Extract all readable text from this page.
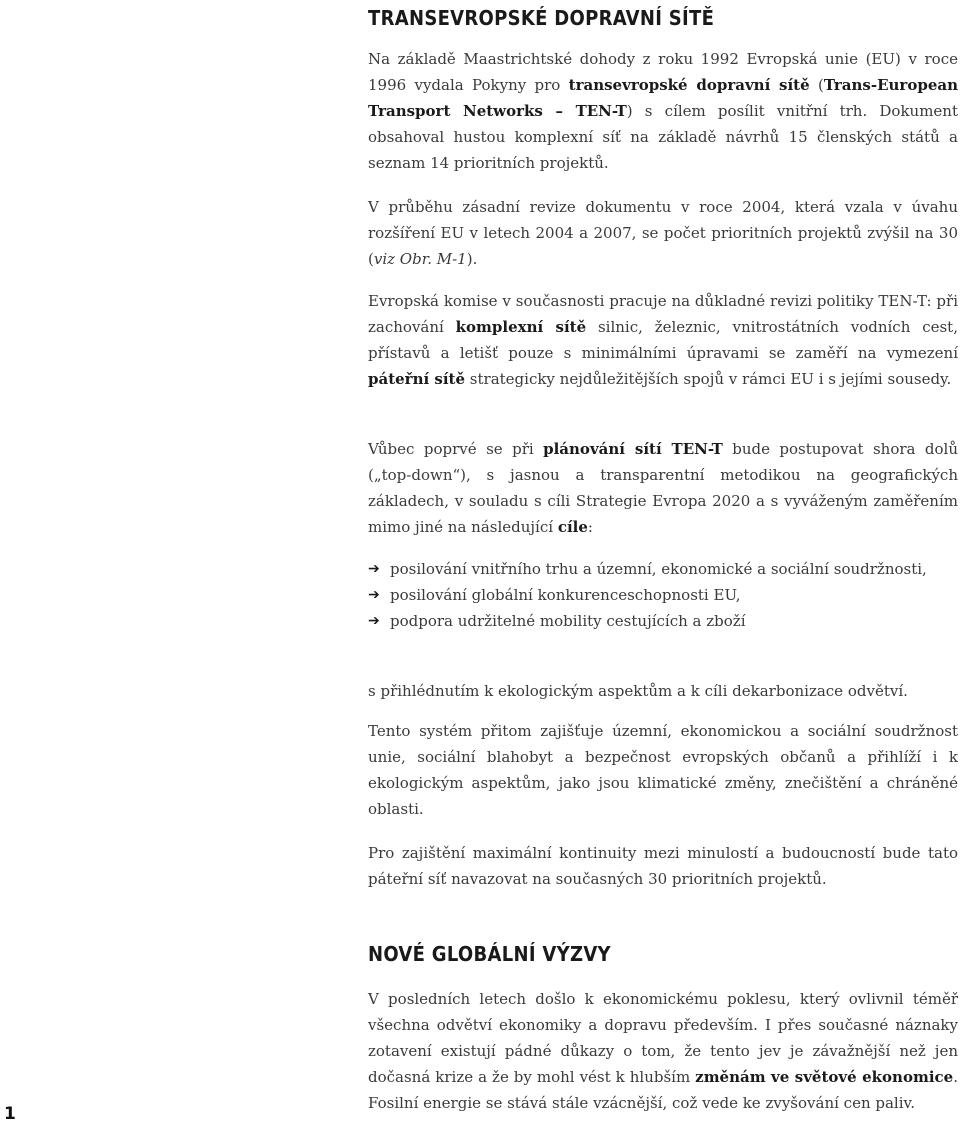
1
TRANSEVROPSKÉ DOPRAVNÍ SÍTĚ

Na základě Maastrichtské dohody z roku 1992 Evropská unie (EU) v roce 1996 vydala Pokyny pro transevropské dopravní sítě (Trans-European Transport Networks – TEN-T) s cílem posílit vnitřní trh. Dokument obsahoval hustou komplexní síť na základě návrhů 15 členských států a seznam 14 prioritních projektů.

V průběhu zásadní revize dokumentu v roce 2004, která vzala v úvahu rozšíření EU v letech 2004 a 2007, se počet prioritních projektů zvýšil na 30 (viz Obr. M-1).

Evropská komise v současnosti pracuje na důkladné revizi politiky TEN-T: při zachování komplexní sítě silnic, železnic, vnitrostátních vodních cest, přístavů a letišť pouze s minimálními úpravami se zaměří na vymezení páteřní sítě strategicky nejdůležitějších spojů v rámci EU i s jejími sousedy.

Vůbec poprvé se při plánování sítí TEN-T bude postupovat shora dolů („top-down“), s jasnou a transparentní metodikou na geografických základech, v souladu s cíli Strategie Evropa 2020 a s vyváženým zaměřením mimo jiné na následující cíle:

➔ posilování vnitřního trhu a územní, ekonomické a sociální soudržnosti,
➔ posilování globální konkurenceschopnosti EU,
➔ podpora udržitelné mobility cestujících a zboží

s přihlédnutím k ekologickým aspektům a k cíli dekarbonizace odvětví.

Tento systém přitom zajišťuje územní, ekonomickou a sociální soudržnost unie, sociální blahobyt a bezpečnost evropských občanů a přihlíží i k ekologickým aspektům, jako jsou klimatické změny, znečištění a chráněné oblasti.

Pro zajištění maximální kontinuity mezi minulostí a budoucností bude tato páteřní síť navazovat na současných 30 prioritních projektů.

NOVÉ GLOBÁLNÍ VÝZVY

V posledních letech došlo k ekonomickému poklesu, který ovlivnil téměř všechna odvětví ekonomiky a dopravu především. I přes současné náznaky zotavení existují pádné důkazy o tom, že tento jev je závažnější než jen dočasná krize a že by mohl vést k hlubším změnám ve světové ekonomice. Fosilní energie se stává stále vzácnější, což vede ke zvyšování cen paliv.
